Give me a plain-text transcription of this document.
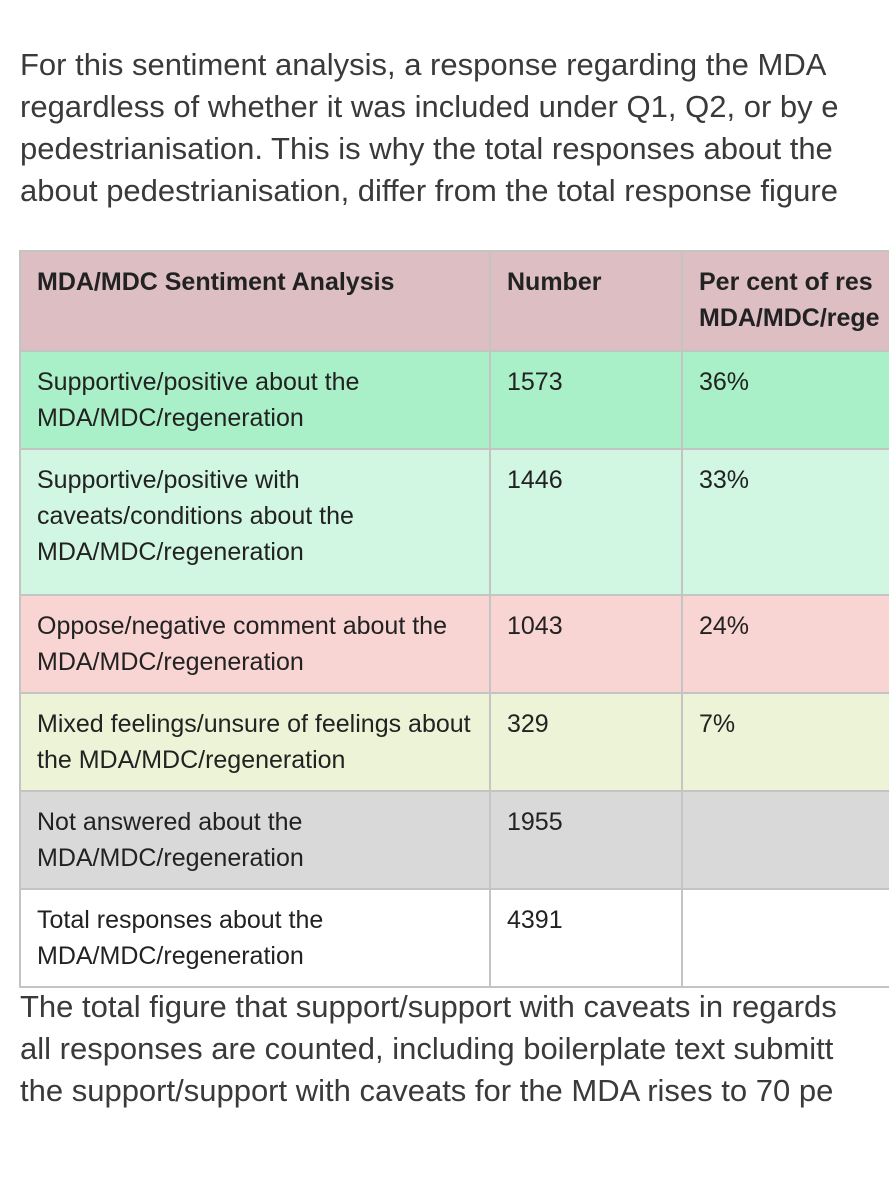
For this sentiment analysis, a response regarding the MDA
regardless of whether it was included under Q1, Q2, or by e
pedestrianisation. This is why the total responses about the
about pedestrianisation, differ from the total response figure
MDA/MDC Sentiment Analysis	Number	Per cent of res MDA/MDC/rege
Supportive/positive about the MDA/MDC/regeneration	1573	36%
Supportive/positive with caveats/conditions about the MDA/MDC/regeneration	1446	33%
Oppose/negative comment about the MDA/MDC/regeneration	1043	24%
Mixed feelings/unsure of feelings about the MDA/MDC/regeneration	329	7%
Not answered about the MDA/MDC/regeneration	1955	
Total responses about the MDA/MDC/regeneration	4391	
The total figure that support/support with caveats in regards
all responses are counted, including boilerplate text submitt
the support/support with caveats for the MDA rises to 70 pe
